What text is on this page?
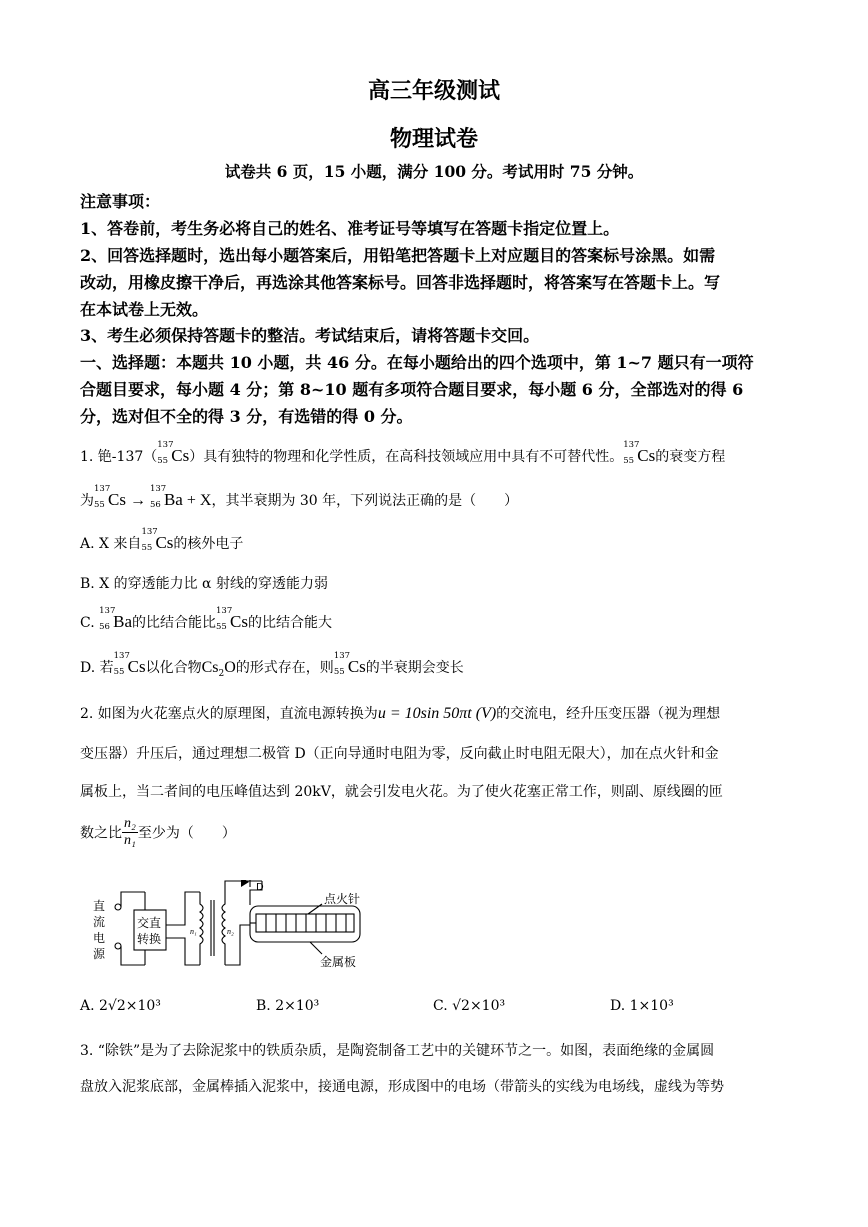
高三年级测试
物理试卷
试卷共 6 页，15 小题，满分 100 分。考试用时 75 分钟。
注意事项：
1、答卷前，考生务必将自己的姓名、准考证号等填写在答题卡指定位置上。
2、回答选择题时，选出每小题答案后，用铅笔把答题卡上对应题目的答案标号涂黑。如需
改动，用橡皮擦干净后，再选涂其他答案标号。回答非选择题时，将答案写在答题卡上。写
在本试卷上无效。
3、考生必须保持答题卡的整洁。考试结束后，请将答题卡交回。
一、选择题：本题共 10 小题，共 46 分。在每小题给出的四个选项中，第 1~7 题只有一项符
合题目要求，每小题 4 分；第 8~10 题有多项符合题目要求，每小题 6 分，全部选对的得 6
分，选对但不全的得 3 分，有选错的得 0 分。
1. 铯-137（
137
55 Cs）具有独特的物理和化学性质，在高科技领域应用中具有不可替代性。
137
55 Cs的衰变方程
为
137
55 Cs →
137
56 Ba + X，其半衰期为 30 年，下列说法正确的是（　　）
A. X 来自
137
55 Cs的核外电子
B. X 的穿透能力比 α 射线的穿透能力弱
C.
137
56 Ba的比结合能比
137
55 Cs的比结合能大
D. 若
137
55 Cs以化合物$Cs_2O$的形式存在，则
137
55 Cs的半衰期会变长
2. 如图为火花塞点火的原理图，直流电源转换为u = 10sin 50πt (V)的交流电，经升压变压器（视为理想
变压器）升压后，通过理想二极管 D（正向导通时电阻为零，反向截止时电阻无限大），加在点火针和金
属板上，当二者间的电压峰值达到 20kV，就会引发电火花。为了使火花塞正常工作，则副、原线圈的匝
数之比 $\frac{\text{n₂}}{\text{n₁}}$ 至少为（　　）
直
流
电
源
交直
转换
D
点火针
金属板
n₁	n₂
A. 2√2×10³	B. 2×10³	C. √2×10³	D. 1×10³
3. “除铁”是为了去除泥浆中的铁质杂质，是陶瓷制备工艺中的关键环节之一。如图，表面绝缘的金属圆
盘放入泥浆底部，金属棒插入泥浆中，接通电源，形成图中的电场（带箭头的实线为电场线，虚线为等势
